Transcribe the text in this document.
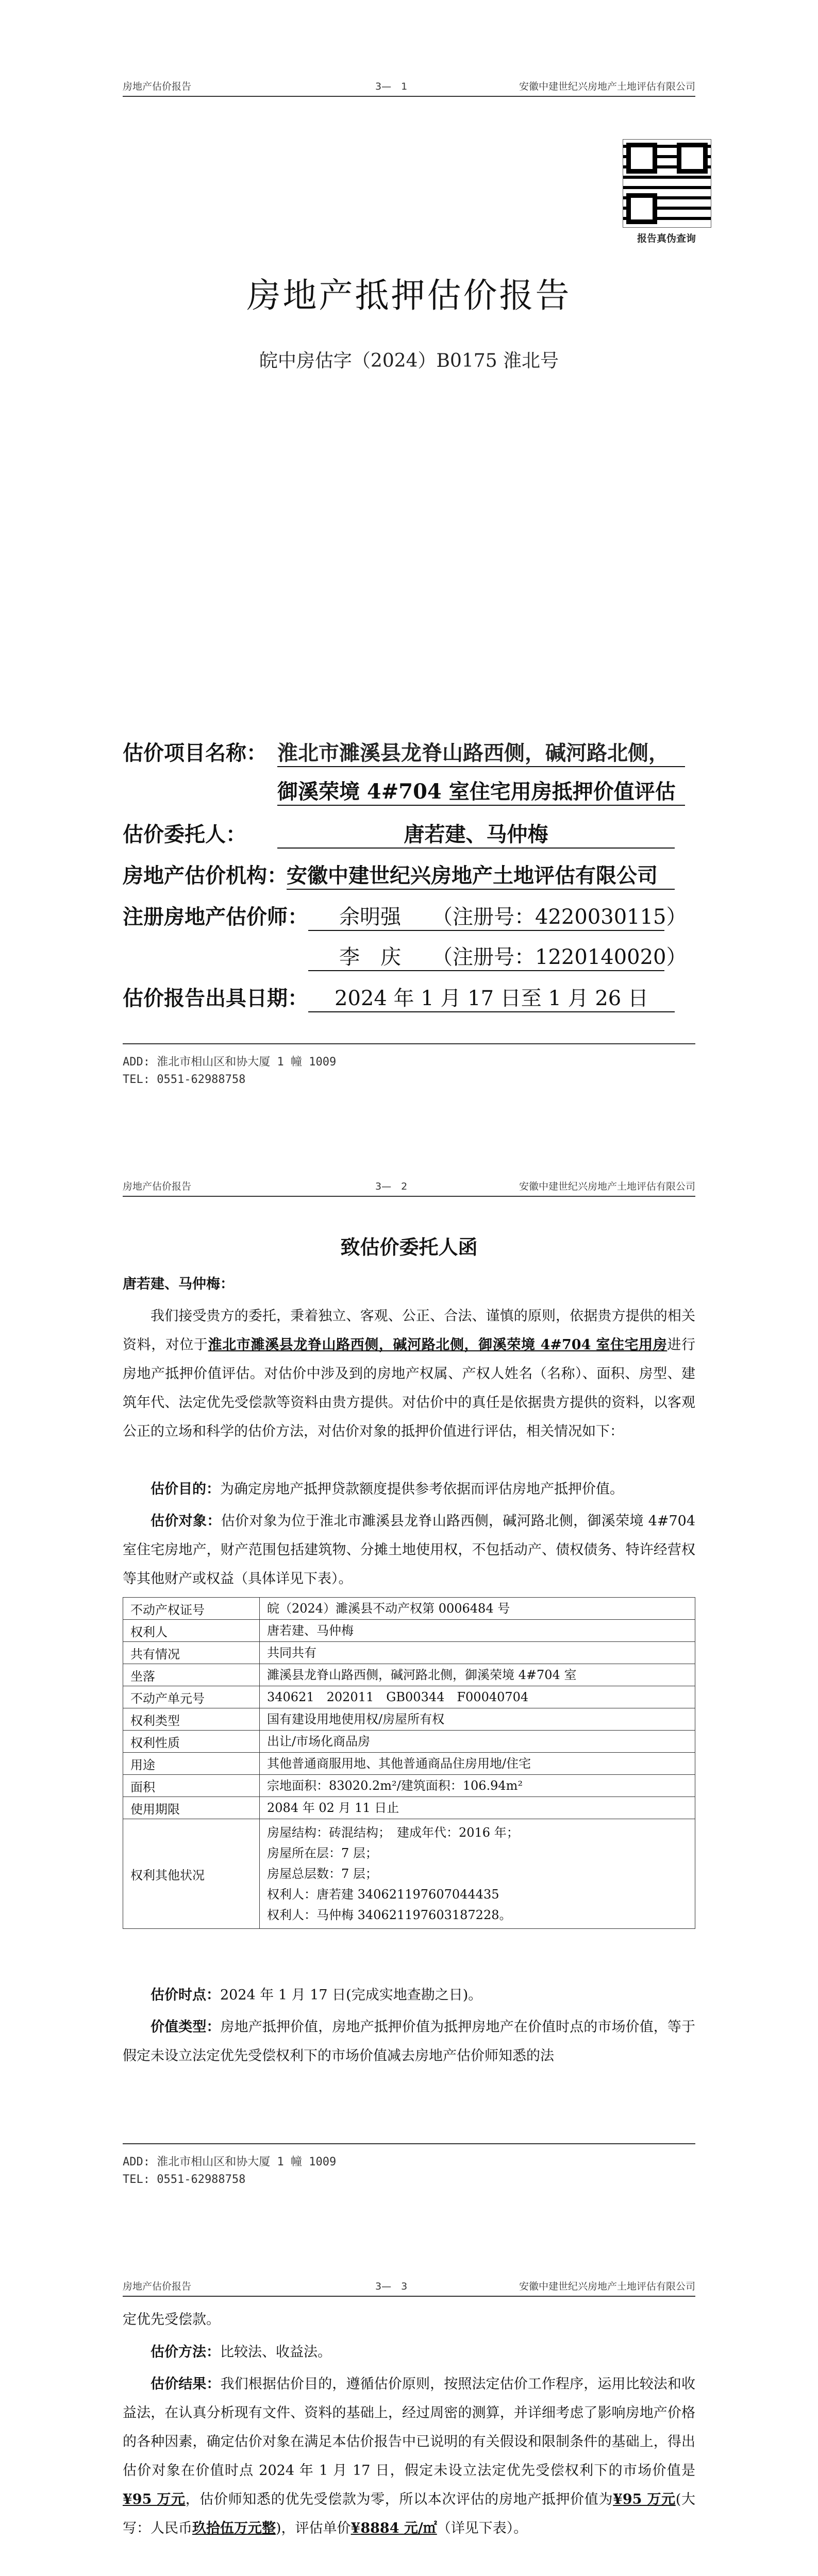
房地产估价报告	3—　1	安徽中建世纪兴房地产土地评估有限公司
报告真伪查询
房地产抵押估价报告
皖中房估字（2024）B0175 淮北号
估价项目名称： 淮北市濉溪县龙脊山路西侧，碱河路北侧，
御溪荣境 4#704 室住宅用房抵押价值评估
估价委托人：	唐若建、马仲梅
房地产估价机构：
安徽中建世纪兴房地产土地评估有限公司
注册房地产估价师：	余明强　　（注册号：4220030115）
李　庆　　（注册号：1220140020）
估价报告出具日期：	2024 年 1 月 17 日至 1 月 26 日
ADD: 淮北市相山区和协大厦 1 幢 1009
TEL: 0551-62988758
房地产估价报告	3—　2	安徽中建世纪兴房地产土地评估有限公司
致估价委托人函
唐若建、马仲梅：
我们接受贵方的委托，秉着独立、客观、公正、合法、谨慎的原则，依据贵方提供的相关资料，对位于淮北市濉溪县龙脊山路西侧，碱河路北侧，御溪荣境 4#704 室住宅用房进行房地产抵押价值评估。对估价中涉及到的房地产权属、产权人姓名（名称）、面积、房型、建筑年代、法定优先受偿款等资料由贵方提供。对估价中的真任是依据贵方提供的资料，以客观公正的立场和科学的估价方法，对估价对象的抵押价值进行评估，相关情况如下：
估价目的：为确定房地产抵押贷款额度提供参考依据而评估房地产抵押价值。
估价对象：估价对象为位于淮北市濉溪县龙脊山路西侧，碱河路北侧，御溪荣境 4#704 室住宅房地产，财产范围包括建筑物、分摊土地使用权，不包括动产、债权债务、特许经营权等其他财产或权益（具体详见下表）。
不动产权证号	皖（2024）濉溪县不动产权第 0006484 号
权利人	唐若建、马仲梅
共有情况	共同共有
坐落	濉溪县龙脊山路西侧，碱河路北侧，御溪荣境 4#704 室
不动产单元号	340621　202011　GB00344　F00040704
权利类型	国有建设用地使用权/房屋所有权
权利性质	出让/市场化商品房
用途	其他普通商服用地、其他普通商品住房用地/住宅
面积	宗地面积：83020.2m²/建筑面积：106.94m²
使用期限	2084 年 02 月 11 日止
权利其他状况	房屋结构：砖混结构；　建成年代：2016 年；
房屋所在层：7 层；
房屋总层数：7 层；
权利人：唐若建 340621197607044435
权利人：马仲梅 340621197603187228。
估价时点：2024 年 1 月 17 日(完成实地查勘之日)。
价值类型：房地产抵押价值，房地产抵押价值为抵押房地产在价值时点的市场价值，等于假定未设立法定优先受偿权利下的市场价值减去房地产估价师知悉的法
ADD: 淮北市相山区和协大厦 1 幢 1009
TEL: 0551-62988758
房地产估价报告	3—　3	安徽中建世纪兴房地产土地评估有限公司
定优先受偿款。
估价方法：比较法、收益法。
估价结果：我们根据估价目的，遵循估价原则，按照法定估价工作程序，运用比较法和收益法，在认真分析现有文件、资料的基础上，经过周密的测算，并详细考虑了影响房地产价格的各种因素，确定估价对象在满足本估价报告中已说明的有关假设和限制条件的基础上，得出估价对象在价值时点 2024 年 1 月 17 日，假定未设立法定优先受偿权利下的市场价值是¥95 万元，估价师知悉的优先受偿款为零，所以本次评估的房地产抵押价值为¥95 万元(大写：人民币玖拾伍万元整)，评估单价¥8884 元/㎡（详见下表）。
